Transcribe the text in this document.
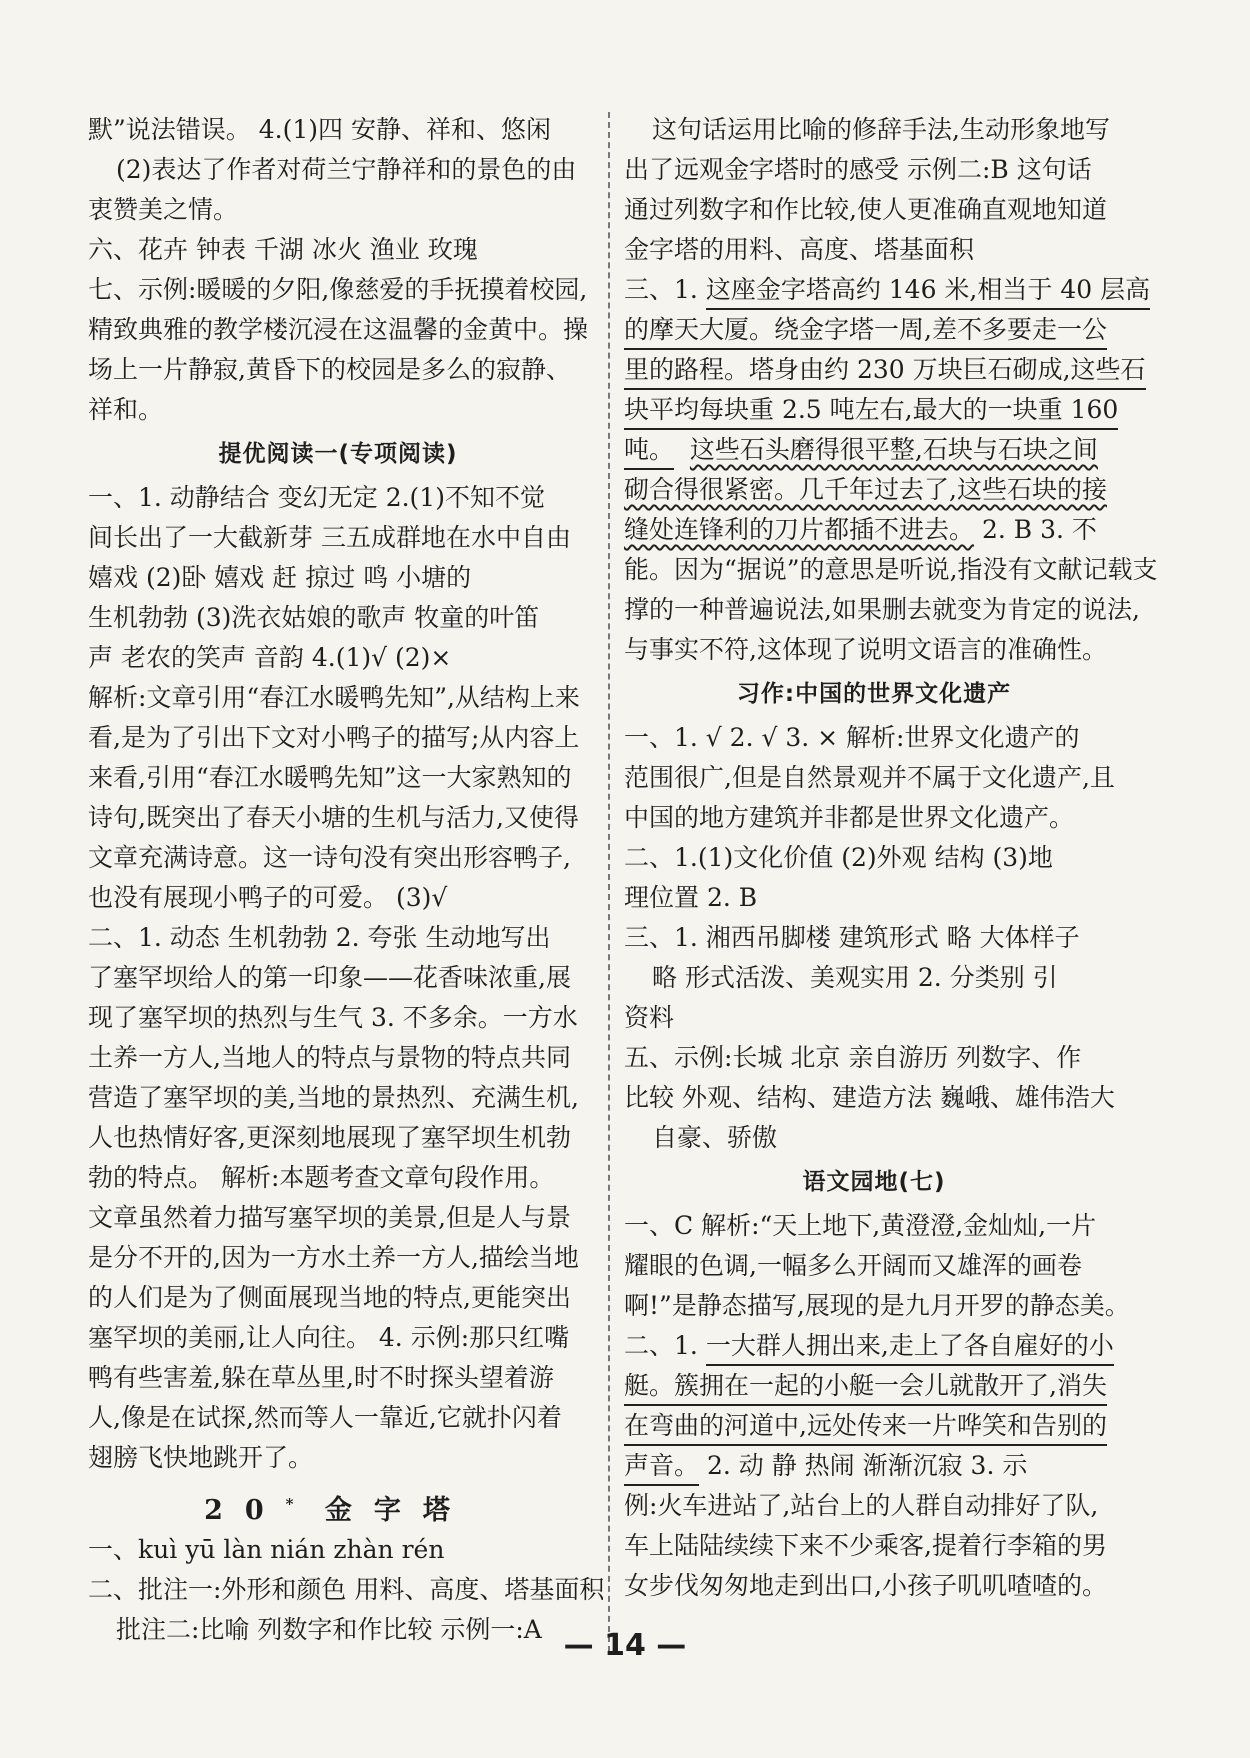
默”说法错误。 4.(1)四 安静、祥和、悠闲
(2)表达了作者对荷兰宁静祥和的景色的由
衷赞美之情。
六、花卉 钟表 千湖 冰火 渔业 玫瑰
七、示例:暖暖的夕阳,像慈爱的手抚摸着校园,
精致典雅的教学楼沉浸在这温馨的金黄中。操
场上一片静寂,黄昏下的校园是多么的寂静、
祥和。
提优阅读一(专项阅读)
一、1. 动静结合 变幻无定 2.(1)不知不觉
间长出了一大截新芽 三五成群地在水中自由
嬉戏 (2)卧 嬉戏 赶 掠过 鸣 小塘的
生机勃勃 (3)洗衣姑娘的歌声 牧童的叶笛
声 老农的笑声 音韵 4.(1)√ (2)×
解析:文章引用“春江水暖鸭先知”,从结构上来
看,是为了引出下文对小鸭子的描写;从内容上
来看,引用“春江水暖鸭先知”这一大家熟知的
诗句,既突出了春天小塘的生机与活力,又使得
文章充满诗意。这一诗句没有突出形容鸭子,
也没有展现小鸭子的可爱。 (3)√
二、1. 动态 生机勃勃 2. 夸张 生动地写出
了塞罕坝给人的第一印象——花香味浓重,展
现了塞罕坝的热烈与生气 3. 不多余。一方水
土养一方人,当地人的特点与景物的特点共同
营造了塞罕坝的美,当地的景热烈、充满生机,
人也热情好客,更深刻地展现了塞罕坝生机勃
勃的特点。 解析:本题考查文章句段作用。
文章虽然着力描写塞罕坝的美景,但是人与景
是分不开的,因为一方水土养一方人,描绘当地
的人们是为了侧面展现当地的特点,更能突出
塞罕坝的美丽,让人向往。 4. 示例:那只红嘴
鸭有些害羞,躲在草丛里,时不时探头望着游
人,像是在试探,然而等人一靠近,它就扑闪着
翅膀飞快地跳开了。
20* 金字塔
一、kuì yū làn nián zhàn rén
二、批注一:外形和颜色 用料、高度、塔基面积
批注二:比喻 列数字和作比较 示例一:A
这句话运用比喻的修辞手法,生动形象地写
出了远观金字塔时的感受 示例二:B 这句话
通过列数字和作比较,使人更准确直观地知道
金字塔的用料、高度、塔基面积
三、1. 这座金字塔高约 146 米,相当于 40 层高
的摩天大厦。绕金字塔一周,差不多要走一公
里的路程。塔身由约 230 万块巨石砌成,这些石
块平均每块重 2.5 吨左右,最大的一块重 160
吨。 这些石头磨得很平整,石块与石块之间
砌合得很紧密。几千年过去了,这些石块的接
缝处连锋利的刀片都插不进去。 2. B 3. 不
能。因为“据说”的意思是听说,指没有文献记载支
撑的一种普遍说法,如果删去就变为肯定的说法,
与事实不符,这体现了说明文语言的准确性。
习作:中国的世界文化遗产
一、1. √ 2. √ 3. × 解析:世界文化遗产的
范围很广,但是自然景观并不属于文化遗产,且
中国的地方建筑并非都是世界文化遗产。
二、1.(1)文化价值 (2)外观 结构 (3)地
理位置 2. B
三、1. 湘西吊脚楼 建筑形式 略 大体样子
略 形式活泼、美观实用 2. 分类别 引
资料
五、示例:长城 北京 亲自游历 列数字、作
比较 外观、结构、建造方法 巍峨、雄伟浩大
自豪、骄傲
语文园地(七)
一、C 解析:“天上地下,黄澄澄,金灿灿,一片
耀眼的色调,一幅多么开阔而又雄浑的画卷
啊!”是静态描写,展现的是九月开罗的静态美。
二、1. 一大群人拥出来,走上了各自雇好的小
艇。簇拥在一起的小艇一会儿就散开了,消失
在弯曲的河道中,远处传来一片哗笑和告别的
声音。 2. 动 静 热闹 渐渐沉寂 3. 示
例:火车进站了,站台上的人群自动排好了队,
车上陆陆续续下来不少乘客,提着行李箱的男
女步伐匆匆地走到出口,小孩子叽叽喳喳的。
— 14 —
